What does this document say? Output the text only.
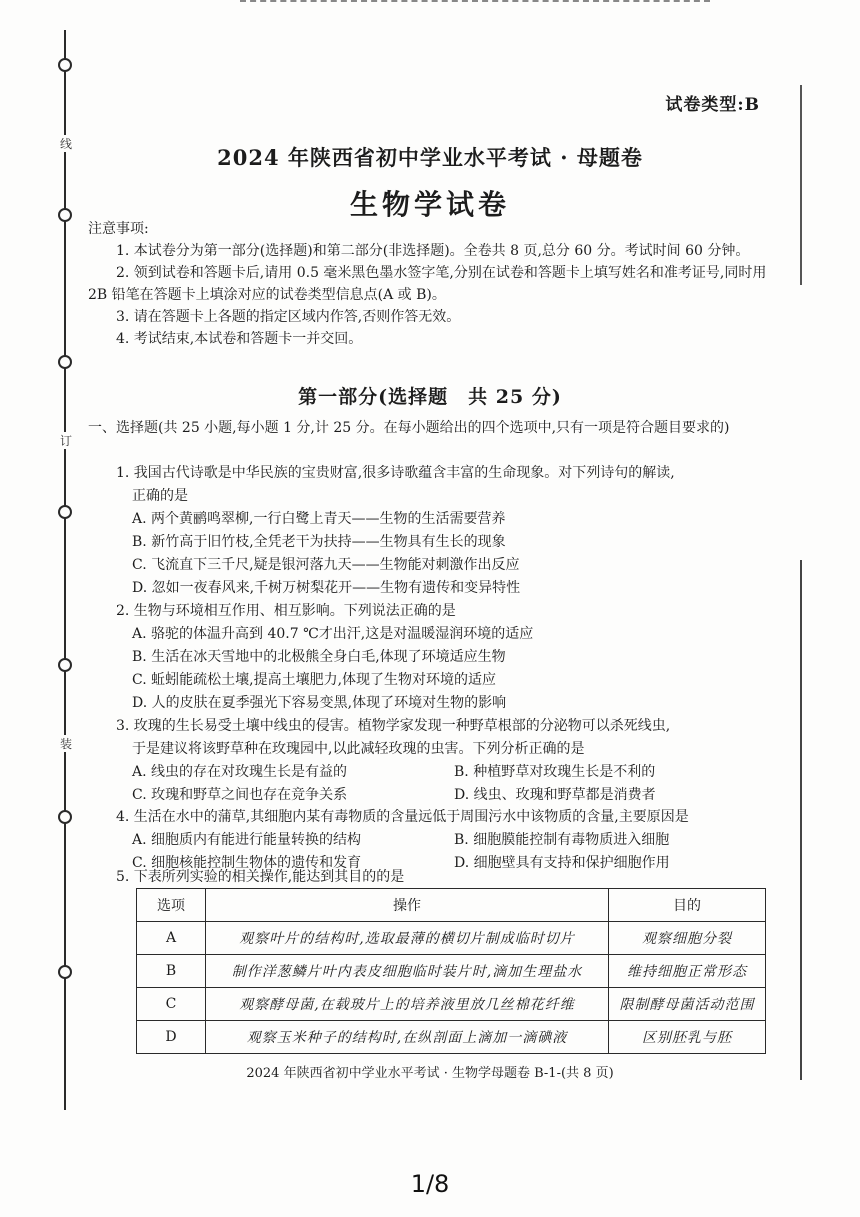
线
订
装
试卷类型:B
2024 年陕西省初中学业水平考试 · 母题卷
生物学试卷
注意事项:

1. 本试卷分为第一部分(选择题)和第二部分(非选择题)。全卷共 8 页,总分 60 分。考试时间 60 分钟。

2. 领到试卷和答题卡后,请用 0.5 毫米黑色墨水签字笔,分别在试卷和答题卡上填写姓名和准考证号,同时用 2B 铅笔在答题卡上填涂对应的试卷类型信息点(A 或 B)。

3. 请在答题卡上各题的指定区域内作答,否则作答无效。

4. 考试结束,本试卷和答题卡一并交回。

第一部分(选择题　共 25 分)

一、选择题(共 25 小题,每小题 1 分,计 25 分。在每小题给出的四个选项中,只有一项是符合题目要求的)

1. 我国古代诗歌是中华民族的宝贵财富,很多诗歌蕴含丰富的生命现象。对下列诗句的解读,

正确的是

A. 两个黄鹂鸣翠柳,一行白鹭上青天——生物的生活需要营养

B. 新竹高于旧竹枝,全凭老干为扶持——生物具有生长的现象

C. 飞流直下三千尺,疑是银河落九天——生物能对刺激作出反应

D. 忽如一夜春风来,千树万树梨花开——生物有遗传和变异特性

2. 生物与环境相互作用、相互影响。下列说法正确的是

A. 骆驼的体温升高到 40.7 ℃才出汗,这是对温暖湿润环境的适应

B. 生活在冰天雪地中的北极熊全身白毛,体现了环境适应生物

C. 蚯蚓能疏松土壤,提高土壤肥力,体现了生物对环境的适应

D. 人的皮肤在夏季强光下容易变黑,体现了环境对生物的影响

3. 玫瑰的生长易受土壤中线虫的侵害。植物学家发现一种野草根部的分泌物可以杀死线虫,

于是建议将该野草种在玫瑰园中,以此减轻玫瑰的虫害。下列分析正确的是

A. 线虫的存在对玫瑰生长是有益的	B. 种植野草对玫瑰生长是不利的
C. 玫瑰和野草之间也存在竞争关系	D. 线虫、玫瑰和野草都是消费者

4. 生活在水中的蒲草,其细胞内某有毒物质的含量远低于周围污水中该物质的含量,主要原因是

A. 细胞质内有能进行能量转换的结构	B. 细胞膜能控制有毒物质进入细胞
C. 细胞核能控制生物体的遗传和发育	D. 细胞壁具有支持和保护细胞作用

5. 下表所列实验的相关操作,能达到其目的的是

选项	操作	目的
A	观察叶片的结构时,选取最薄的横切片制成临时切片	观察细胞分裂
B	制作洋葱鳞片叶内表皮细胞临时装片时,滴加生理盐水	维持细胞正常形态
C	观察酵母菌,在载玻片上的培养液里放几丝棉花纤维	限制酵母菌活动范围
D	观察玉米种子的结构时,在纵剖面上滴加一滴碘液	区别胚乳与胚
2024 年陕西省初中学业水平考试 · 生物学母题卷 B-1-(共 8 页)
1/8
